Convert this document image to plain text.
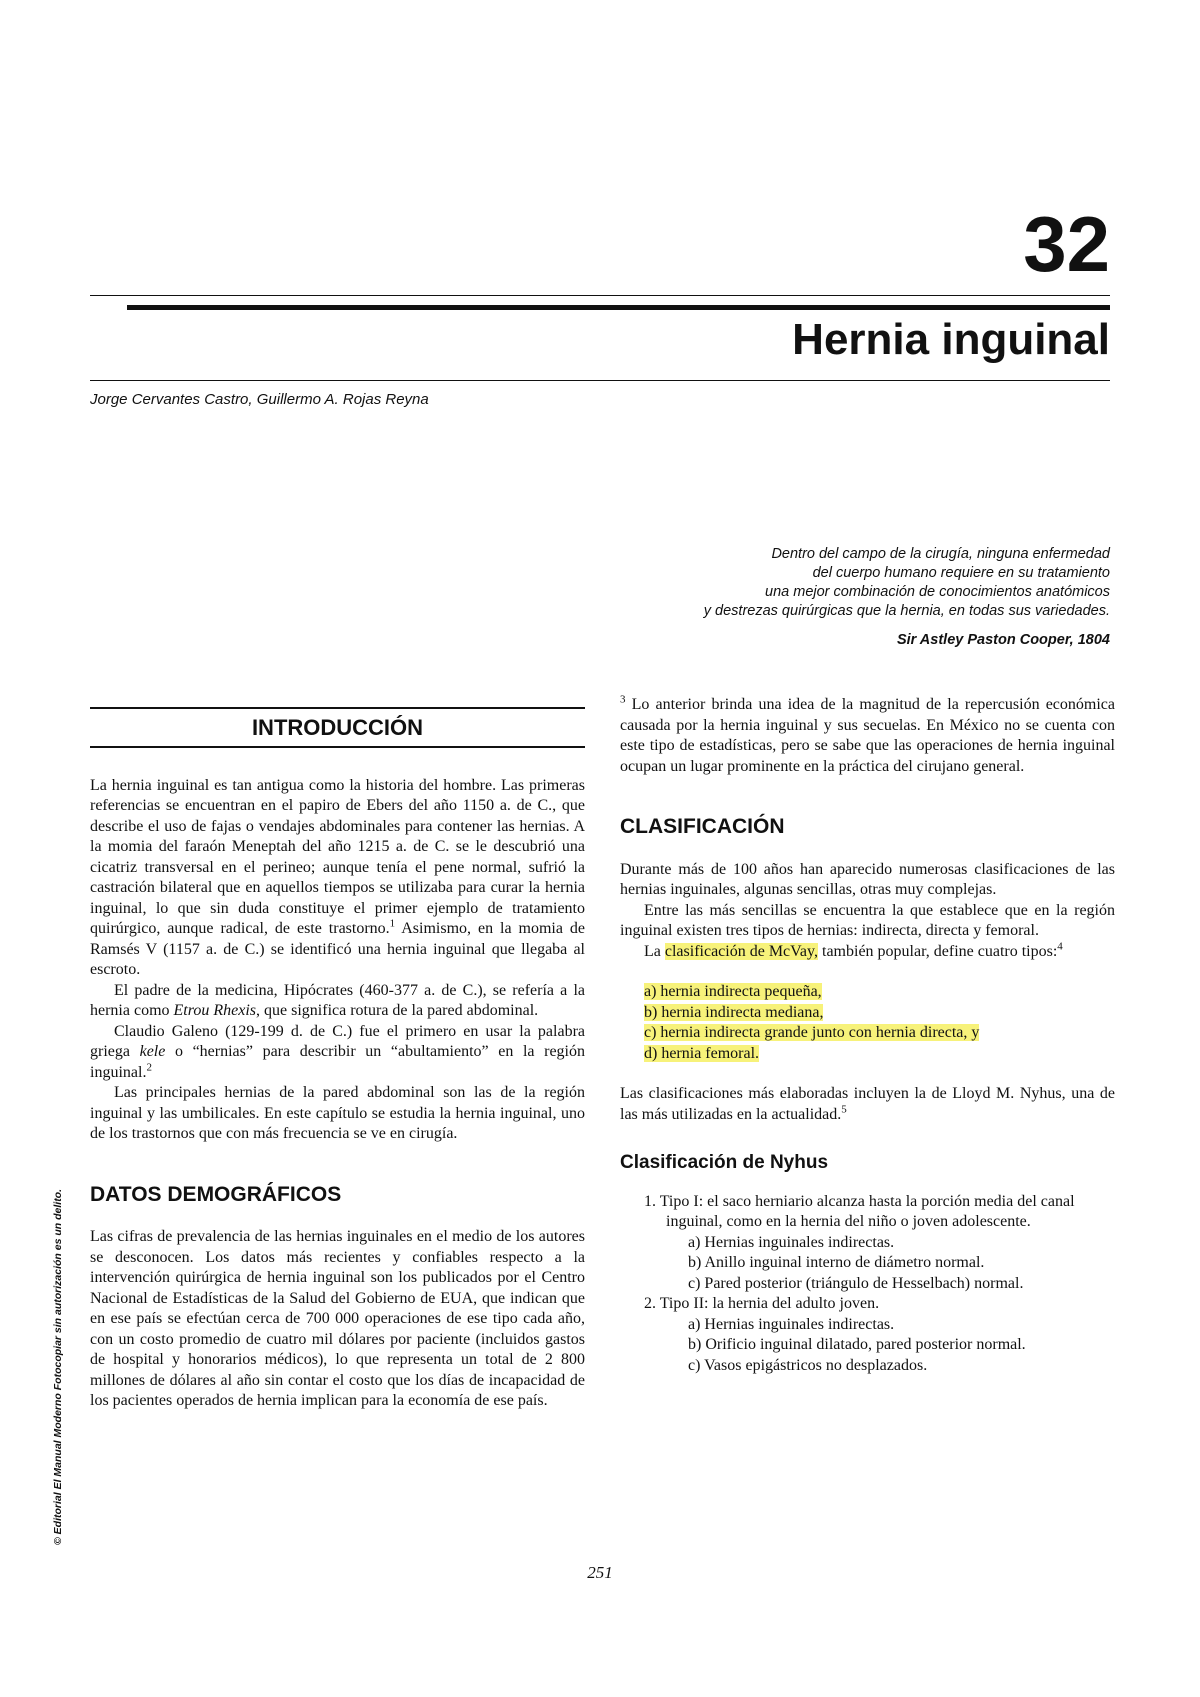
32
Hernia inguinal
Jorge Cervantes Castro, Guillermo A. Rojas Reyna

Dentro del campo de la cirugía, ninguna enfermedad

del cuerpo humano requiere en su tratamiento

una mejor combinación de conocimientos anatómicos

y destrezas quirúrgicas que la hernia, en todas sus variedades.

Sir Astley Paston Cooper, 1804

INTRODUCCIÓN

La hernia inguinal es tan antigua como la historia del hombre. Las primeras referencias se encuentran en el papiro de Ebers del año 1150 a. de C., que describe el uso de fajas o vendajes abdominales para contener las hernias. A la momia del faraón Meneptah del año 1215 a. de C. se le descubrió una cicatriz transversal en el perineo; aunque tenía el pene normal, sufrió la castración bilateral que en aquellos tiempos se utilizaba para curar la hernia inguinal, lo que sin duda constituye el primer ejemplo de tratamiento quirúrgico, aunque radical, de este trastorno.$^1$ Asimismo, en la momia de Ramsés V (1157 a. de C.) se identificó una hernia inguinal que llegaba al escroto.

El padre de la medicina, Hipócrates (460-377 a. de C.), se refería a la hernia como Etrou Rhexis, que significa rotura de la pared abdominal.

Claudio Galeno (129-199 d. de C.) fue el primero en usar la palabra griega kele o “hernias” para describir un “abultamiento” en la región inguinal.$^2$

Las principales hernias de la pared abdominal son las de la región inguinal y las umbilicales. En este capítulo se estudia la hernia inguinal, uno de los trastornos que con más frecuencia se ve en cirugía.

DATOS DEMOGRÁFICOS

Las cifras de prevalencia de las hernias inguinales en el medio de los autores se desconocen. Los datos más recientes y confiables respecto a la intervención quirúrgica de hernia inguinal son los publicados por el Centro Nacional de Estadísticas de la Salud del Gobierno de EUA, que indican que en ese país se efectúan cerca de 700 000 operaciones de ese tipo cada año, con un costo promedio de cuatro mil dólares por paciente (incluidos gastos de hospital y honorarios médicos), lo que representa un total de 2 800 millones de dólares al año sin contar el costo que los días de incapacidad de los pacientes operados de hernia implican para la economía de ese país.

$^3$ Lo anterior brinda una idea de la magnitud de la repercusión económica causada por la hernia inguinal y sus secuelas. En México no se cuenta con este tipo de estadísticas, pero se sabe que las operaciones de hernia inguinal ocupan un lugar prominente en la práctica del cirujano general.

CLASIFICACIÓN

Durante más de 100 años han aparecido numerosas clasificaciones de las hernias inguinales, algunas sencillas, otras muy complejas.

Entre las más sencillas se encuentra la que establece que en la región inguinal existen tres tipos de hernias: indirecta, directa y femoral.

La clasificación de McVay, también popular, define cuatro tipos:$^4$

a) hernia indirecta pequeña,
b) hernia indirecta mediana,
c) hernia indirecta grande junto con hernia directa, y
d) hernia femoral.

Las clasificaciones más elaboradas incluyen la de Lloyd M. Nyhus, una de las más utilizadas en la actualidad.$^5$

Clasificación de Nyhus
1. Tipo I: el saco herniario alcanza hasta la porción media del canal inguinal, como en la hernia del niño o joven adolescente.
a) Hernias inguinales indirectas.
b) Anillo inguinal interno de diámetro normal.
c) Pared posterior (triángulo de Hesselbach) normal.
2. Tipo II: la hernia del adulto joven.
a) Hernias inguinales indirectas.
b) Orificio inguinal dilatado, pared posterior normal.
c) Vasos epigástricos no desplazados.
251
© Editorial El Manual Moderno Fotocopiar sin autorización es un delito.
